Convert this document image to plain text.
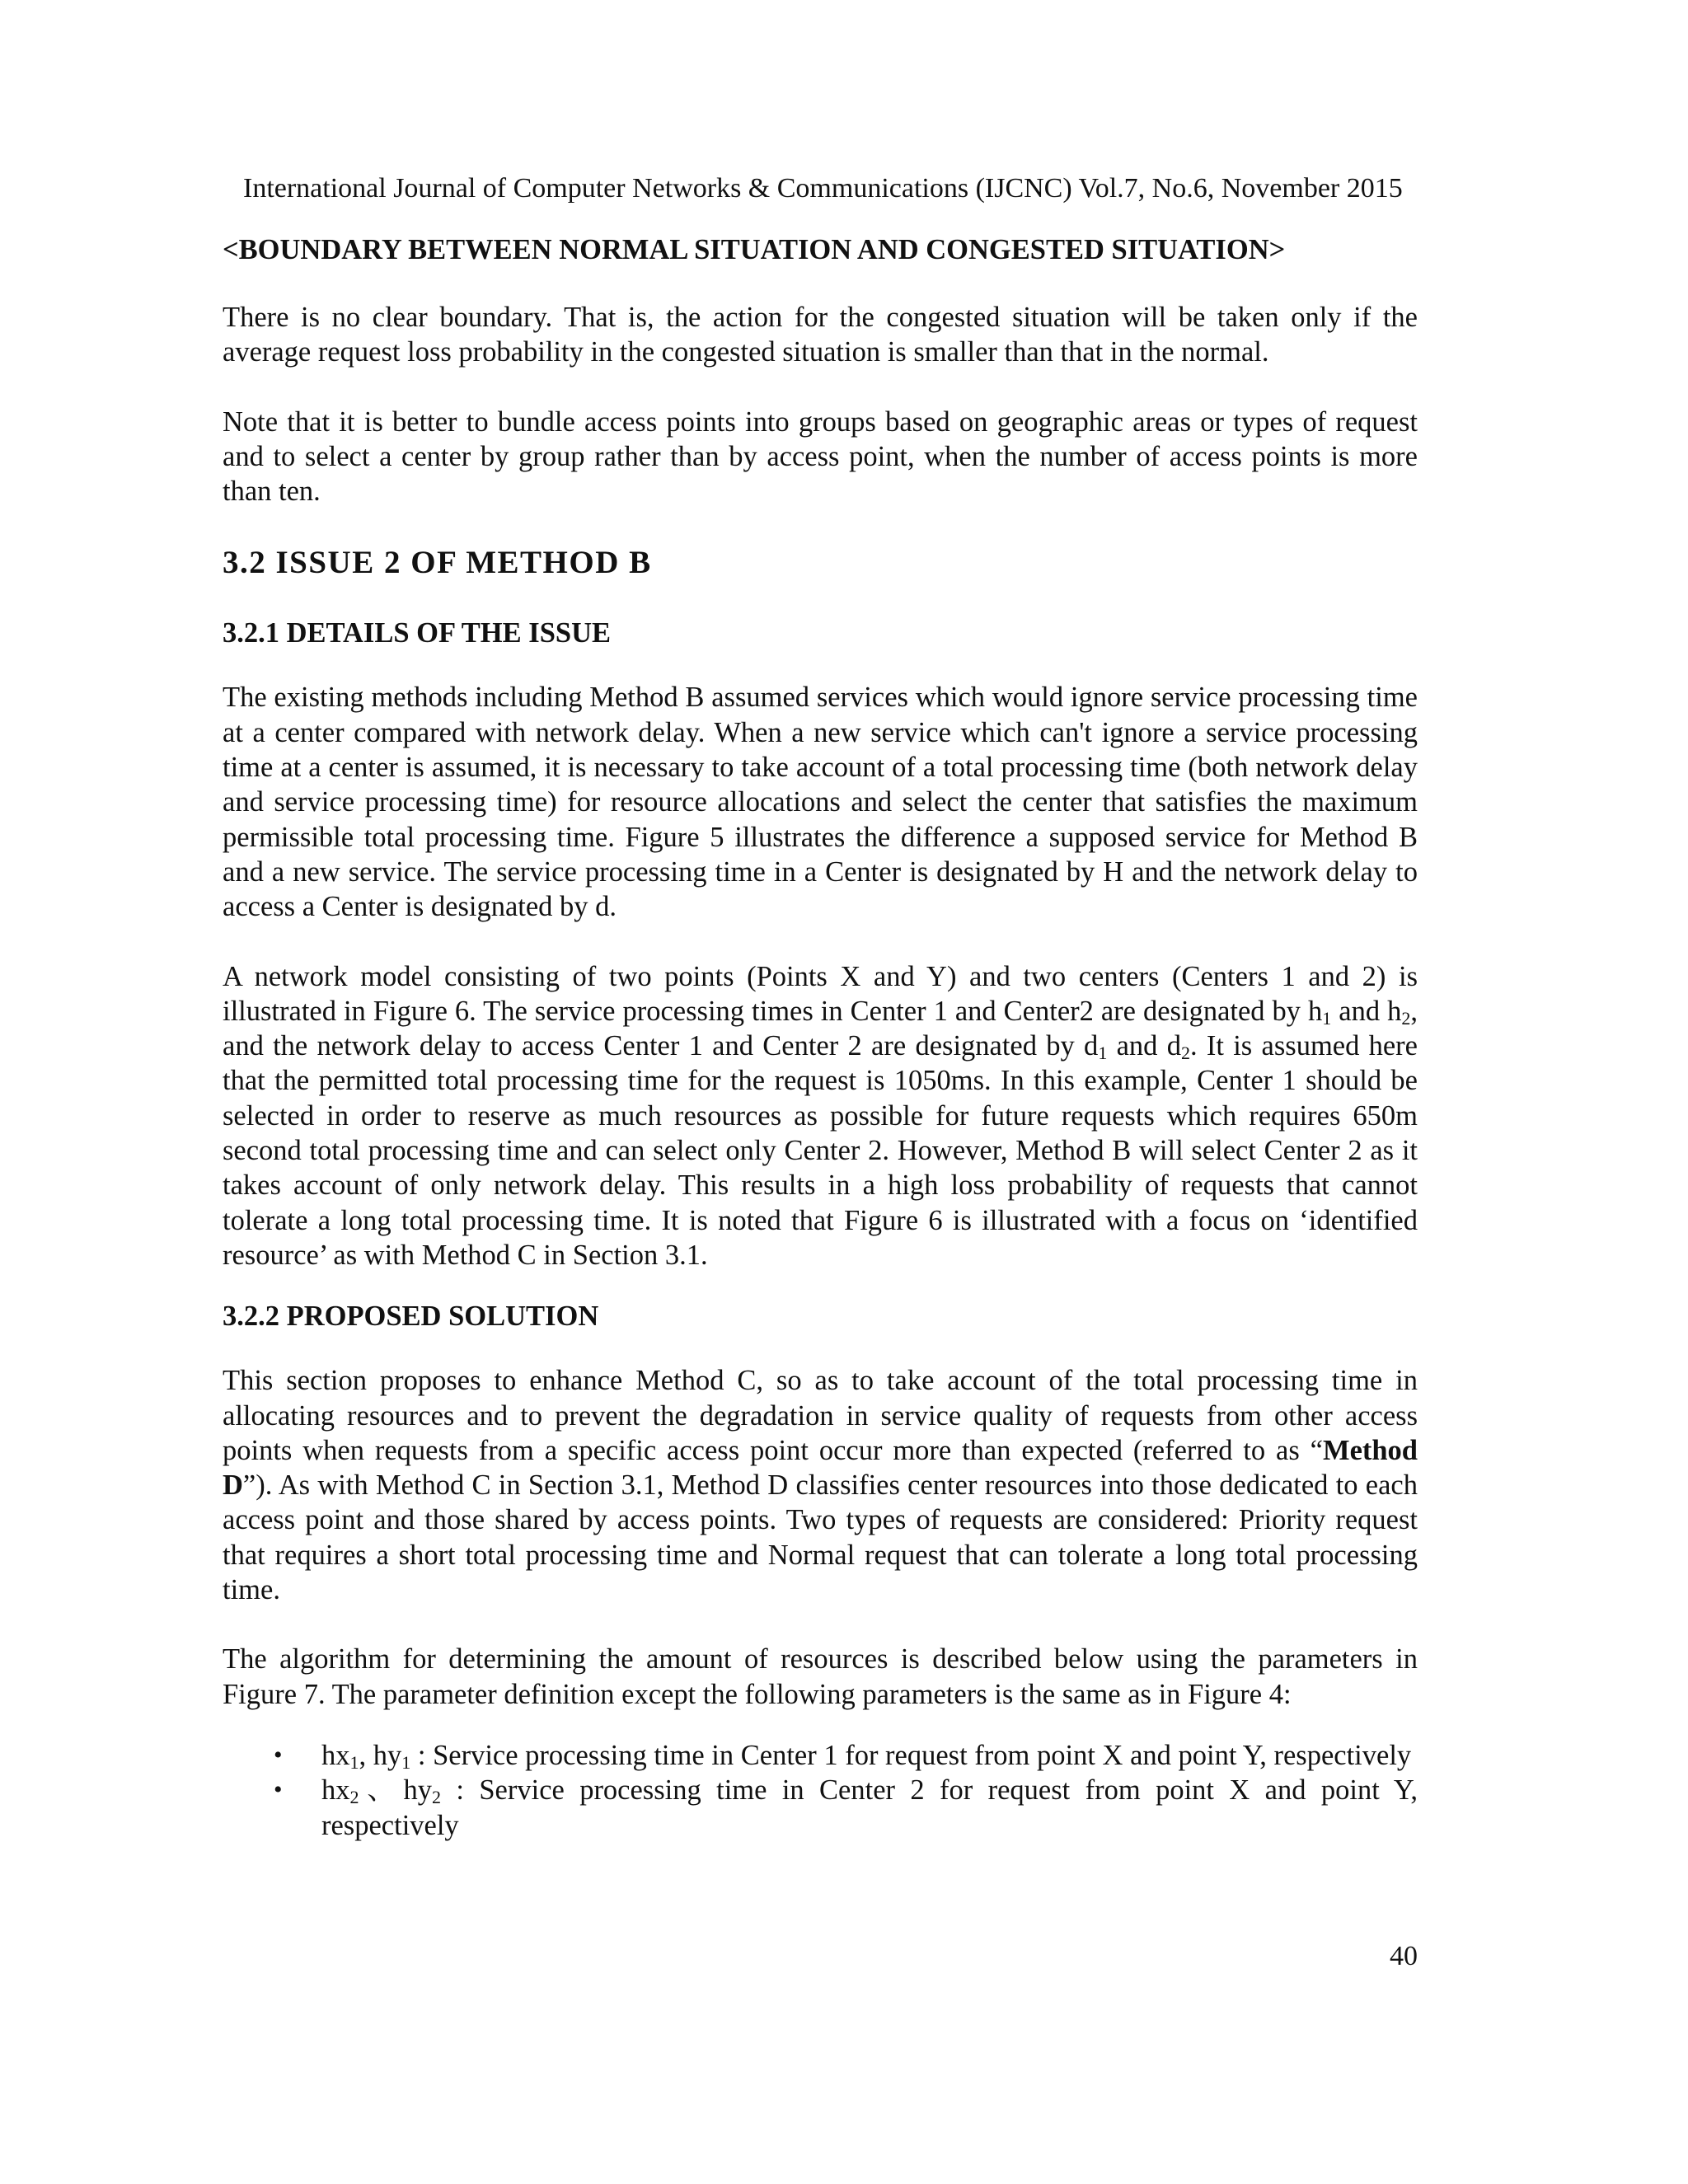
International Journal of Computer Networks & Communications (IJCNC) Vol.7, No.6, November 2015
<BOUNDARY BETWEEN NORMAL SITUATION AND CONGESTED SITUATION>

There is no clear boundary. That is, the action for the congested situation will be taken only if the average request loss probability in the congested situation is smaller than that in the normal.

Note that it is better to bundle access points into groups based on geographic areas or types of request and to select a center by group rather than by access point, when the number of access points is more than ten.

3.2 ISSUE 2 OF METHOD B
3.2.1 DETAILS OF THE ISSUE

The existing methods including Method B assumed services which would ignore service processing time at a center compared with network delay. When a new service which can't ignore a service processing time at a center is assumed, it is necessary to take account of a total processing time (both network delay and service processing time) for resource allocations and select the center that satisfies the maximum permissible total processing time. Figure 5 illustrates the difference a supposed service for Method B and a new service. The service processing time in a Center is designated by H and the network delay to access a Center is designated by d.

A network model consisting of two points (Points X and Y) and two centers (Centers 1 and 2) is illustrated in Figure 6. The service processing times in Center 1 and Center2 are designated by $h_1$ and $h_2$, and the network delay to access Center 1 and Center 2 are designated by $d_1$ and $d_2$. It is assumed here that the permitted total processing time for the request is 1050ms. In this example, Center 1 should be selected in order to reserve as much resources as possible for future requests which requires 650m second total processing time and can select only Center 2. However, Method B will select Center 2 as it takes account of only network delay. This results in a high loss probability of requests that cannot tolerate a long total processing time. It is noted that Figure 6 is illustrated with a focus on ‘identified resource’ as with Method C in Section 3.1.

3.2.2 PROPOSED SOLUTION

This section proposes to enhance Method C, so as to take account of the total processing time in allocating resources and to prevent the degradation in service quality of requests from other access points when requests from a specific access point occur more than expected (referred to as “Method D”). As with Method C in Section 3.1, Method D classifies center resources into those dedicated to each access point and those shared by access points. Two types of requests are considered: Priority request that requires a short total processing time and Normal request that can tolerate a long total processing time.

The algorithm for determining the amount of resources is described below using the parameters in Figure 7. The parameter definition except the following parameters is the same as in Figure 4:

• $hx_1$, $hy_1$ : Service processing time in Center 1 for request from point X and point Y, respectively
• $hx_2$、$hy_2$ : Service processing time in Center 2 for request from point X and point Y, respectively
40
